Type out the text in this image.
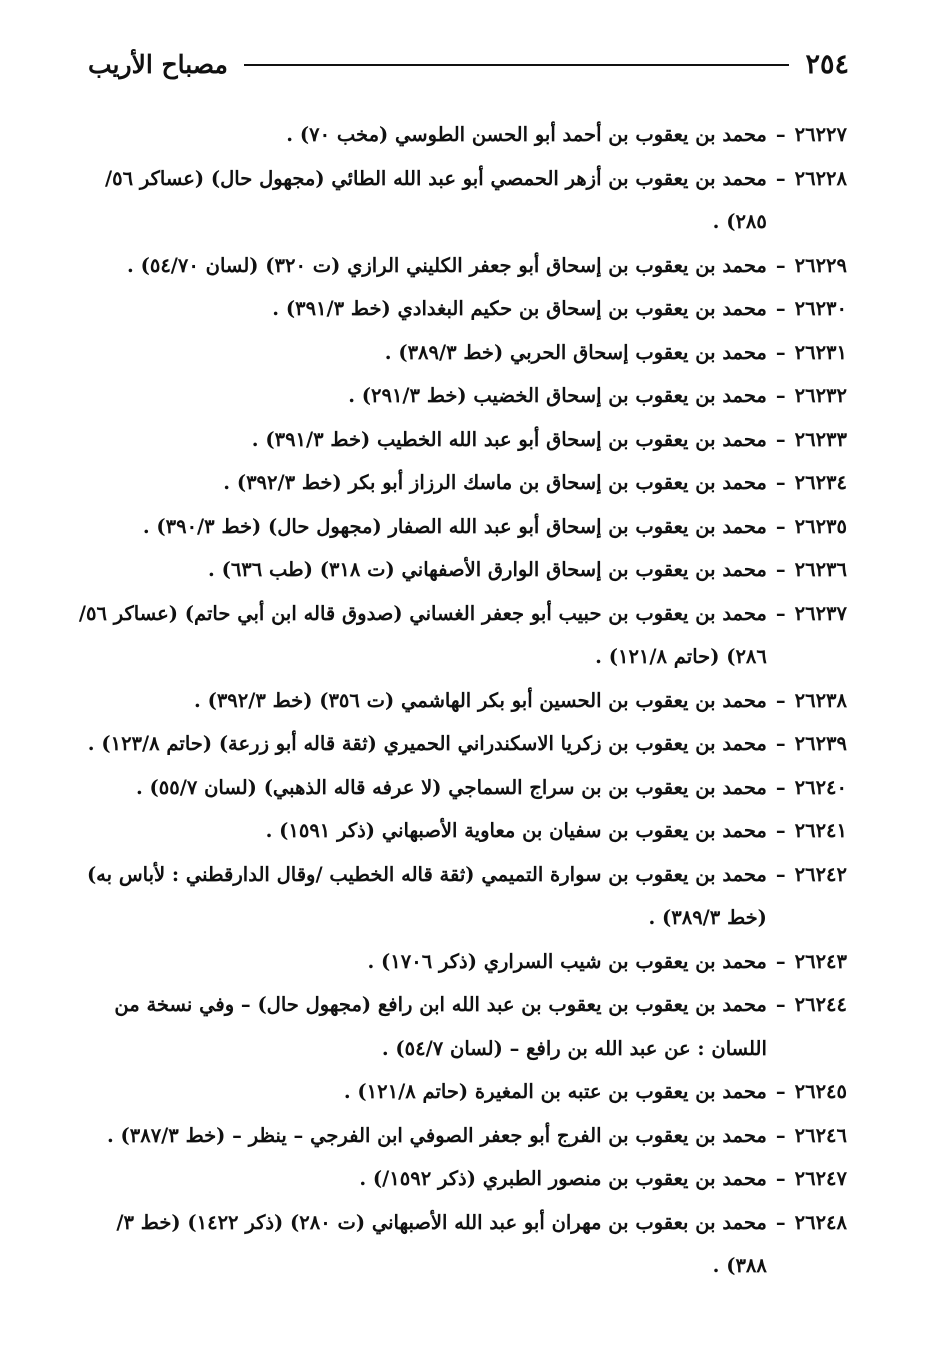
٢٥٤
مصباح الأريب
٢٦٢٢٧
–
محمد بن يعقوب بن أحمد أبو الحسن الطوسي (مخب ٧٠) .
٢٦٢٢٨
–
محمد بن يعقوب بن أزهر الحمصي أبو عبد الله الطائي (مجهول حال) (عساكر ٥٦/ ٢٨٥) .
٢٦٢٢٩
–
محمد بن يعقوب بن إسحاق أبو جعفر الكليني الرازي (ت ٣٢٠) (لسان ٥٤/٧٠) .
٢٦٢٣٠
–
محمد بن يعقوب بن إسحاق بن حكيم البغدادي (خط ٣٩١/٣) .
٢٦٢٣١
–
محمد بن يعقوب إسحاق الحربي (خط ٣٨٩/٣) .
٢٦٢٣٢
–
محمد بن يعقوب بن إسحاق الخضيب (خط ٢٩١/٣) .
٢٦٢٣٣
–
محمد بن يعقوب بن إسحاق أبو عبد الله الخطيب (خط ٣٩١/٣) .
٢٦٢٣٤
–
محمد بن يعقوب بن إسحاق بن ماسك الرزاز أبو بكر (خط ٣٩٢/٣) .
٢٦٢٣٥
–
محمد بن يعقوب بن إسحاق أبو عبد الله الصفار (مجهول حال) (خط ٣٩٠/٣) .
٢٦٢٣٦
–
محمد بن يعقوب بن إسحاق الوارق الأصفهاني (ت ٣١٨) (طب ٦٣٦) .
٢٦٢٣٧
–
محمد بن يعقوب بن حبيب أبو جعفر الغساني (صدوق قاله ابن أبي حاتم) (عساكر ٥٦/ ٢٨٦) (حاتم ١٢١/٨) .
٢٦٢٣٨
–
محمد بن يعقوب بن الحسين أبو بكر الهاشمي (ت ٣٥٦) (خط ٣٩٢/٣) .
٢٦٢٣٩
–
محمد بن يعقوب بن زكريا الاسكندراني الحميري (ثقة قاله أبو زرعة) (حاتم ١٢٣/٨) .
٢٦٢٤٠
–
محمد بن يعقوب بن بن سراج السماجي (لا عرفه قاله الذهبي) (لسان ٥٥/٧) .
٢٦٢٤١
–
محمد بن يعقوب بن سفيان بن معاوية الأصبهاني (ذكر ١٥٩١) .
٢٦٢٤٢
–
محمد بن يعقوب بن سوارة التميمي (ثقة قاله الخطيب /وقال الدارقطني : لأباس به) (خط ٣٨٩/٣) .
٢٦٢٤٣
–
محمد بن يعقوب بن شيب السراري (ذكر ١٧٠٦) .
٢٦٢٤٤
–
محمد بن يعقوب بن يعقوب بن عبد الله ابن رافع (مجهول حال) – وفي نسخة من اللسان : عن عبد الله بن رافع – (لسان ٥٤/٧) .
٢٦٢٤٥
–
محمد بن يعقوب بن عتبه بن المغيرة (حاتم ١٢١/٨) .
٢٦٢٤٦
–
محمد بن يعقوب بن الفرج أبو جعفر الصوفي ابن الفرجي – ينظر – (خط ٣٨٧/٣) .
٢٦٢٤٧
–
محمد بن يعقوب بن منصور الطبري (ذكر ١٥٩٢/) .
٢٦٢٤٨
–
محمد بن بعقوب بن مهران أبو عبد الله الأصبهاني (ت ٢٨٠) (ذكر ١٤٢٢) (خط ٣/ ٣٨٨) .
